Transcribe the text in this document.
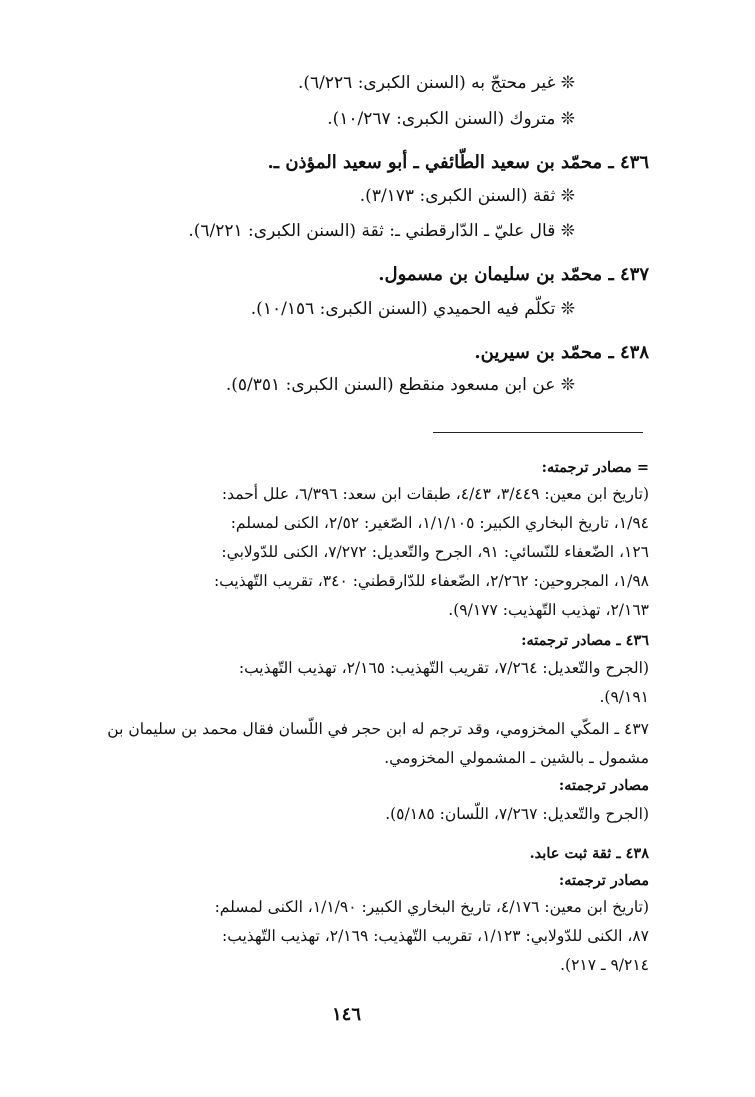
❊ غير محتجّ به (السنن الكبرى: ٦/٢٢٦).
❊ متروك (السنن الكبرى: ١٠/٢٦٧).
٤٣٦ ـ محمّد بن سعيد الطّائفي ـ أبو سعيد المؤذن ـ.
❊ ثقة (السنن الكبرى: ٣/١٧٣).
❊ قال عليّ ـ الدّارقطني ـ: ثقة (السنن الكبرى: ٦/٢٢١).
٤٣٧ ـ محمّد بن سليمان بن مسمول.
❊ تكلّم فيه الحميدي (السنن الكبرى: ١٠/١٥٦).
٤٣٨ ـ محمّد بن سيرين.
❊ عن ابن مسعود منقطع (السنن الكبرى: ٥/٣٥١).
= مصادر ترجمته:
(تاريخ ابن معين: ٣/٤٤٩، ٤/٤٣، طبقات ابن سعد: ٦/٣٩٦، علل أحمد:
١/٩٤، تاريخ البخاري الكبير: ١/١/١٠٥، الصّغير: ٢/٥٢، الكنى لمسلم:
١٢٦، الضّعفاء للنّسائي: ٩١، الجرح والتّعديل: ٧/٢٧٢، الكنى للدّولابي:
١/٩٨، المجروحين: ٢/٢٦٢، الضّعفاء للدّارقطني: ٣٤٠، تقريب التّهذيب:
٢/١٦٣، تهذيب التّهذيب: ٩/١٧٧).
٤٣٦ ـ مصادر ترجمته:
(الجرح والتّعديل: ٧/٢٦٤، تقريب التّهذيب: ٢/١٦٥، تهذيب التّهذيب:
٩/١٩١).
٤٣٧ ـ المكّي المخزومي، وقد ترجم له ابن حجر في اللّسان فقال محمد بن سليمان بن
مشمول ـ بالشين ـ المشمولي المخزومي.
مصادر ترجمته:
(الجرح والتّعديل: ٧/٢٦٧، اللّسان: ٥/١٨٥).
٤٣٨ ـ ثقة ثبت عابد.
مصادر ترجمته:
(تاريخ ابن معين: ٤/١٧٦، تاريخ البخاري الكبير: ١/١/٩٠، الكنى لمسلم:
٨٧، الكنى للدّولابي: ١/١٢٣، تقريب التّهذيب: ٢/١٦٩، تهذيب التّهذيب:
٩/٢١٤ ـ ٢١٧).
١٤٦
